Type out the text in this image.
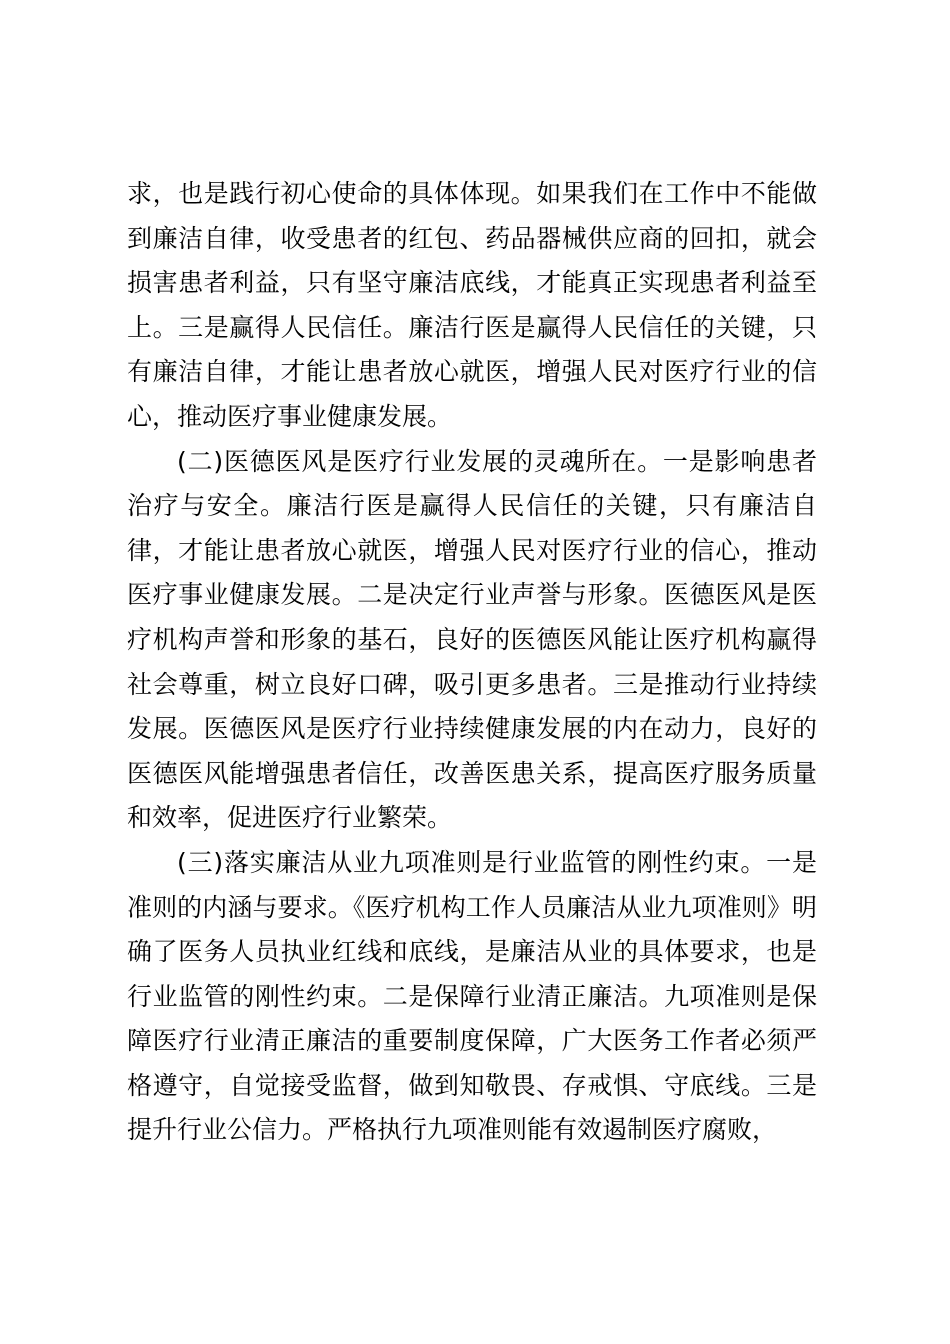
求，也是践行初心使命的具体体现。如果我们在工作中不能做到廉洁自律，收受患者的红包、药品器械供应商的回扣，就会损害患者利益，只有坚守廉洁底线，才能真正实现患者利益至上。三是赢得人民信任。廉洁行医是赢得人民信任的关键，只有廉洁自律，才能让患者放心就医，增强人民对医疗行业的信心，推动医疗事业健康发展。

(二)医德医风是医疗行业发展的灵魂所在。一是影响患者治疗与安全。廉洁行医是赢得人民信任的关键，只有廉洁自律，才能让患者放心就医，增强人民对医疗行业的信心，推动医疗事业健康发展。二是决定行业声誉与形象。医德医风是医疗机构声誉和形象的基石，良好的医德医风能让医疗机构赢得社会尊重，树立良好口碑，吸引更多患者。三是推动行业持续发展。医德医风是医疗行业持续健康发展的内在动力，良好的医德医风能增强患者信任，改善医患关系，提高医疗服务质量和效率，促进医疗行业繁荣。

(三)落实廉洁从业九项准则是行业监管的刚性约束。一是准则的内涵与要求。《医疗机构工作人员廉洁从业九项准则》明确了医务人员执业红线和底线，是廉洁从业的具体要求，也是行业监管的刚性约束。二是保障行业清正廉洁。九项准则是保障医疗行业清正廉洁的重要制度保障，广大医务工作者必须严格遵守，自觉接受监督，做到知敬畏、存戒惧、守底线。三是提升行业公信力。严格执行九项准则能有效遏制医疗腐败，
